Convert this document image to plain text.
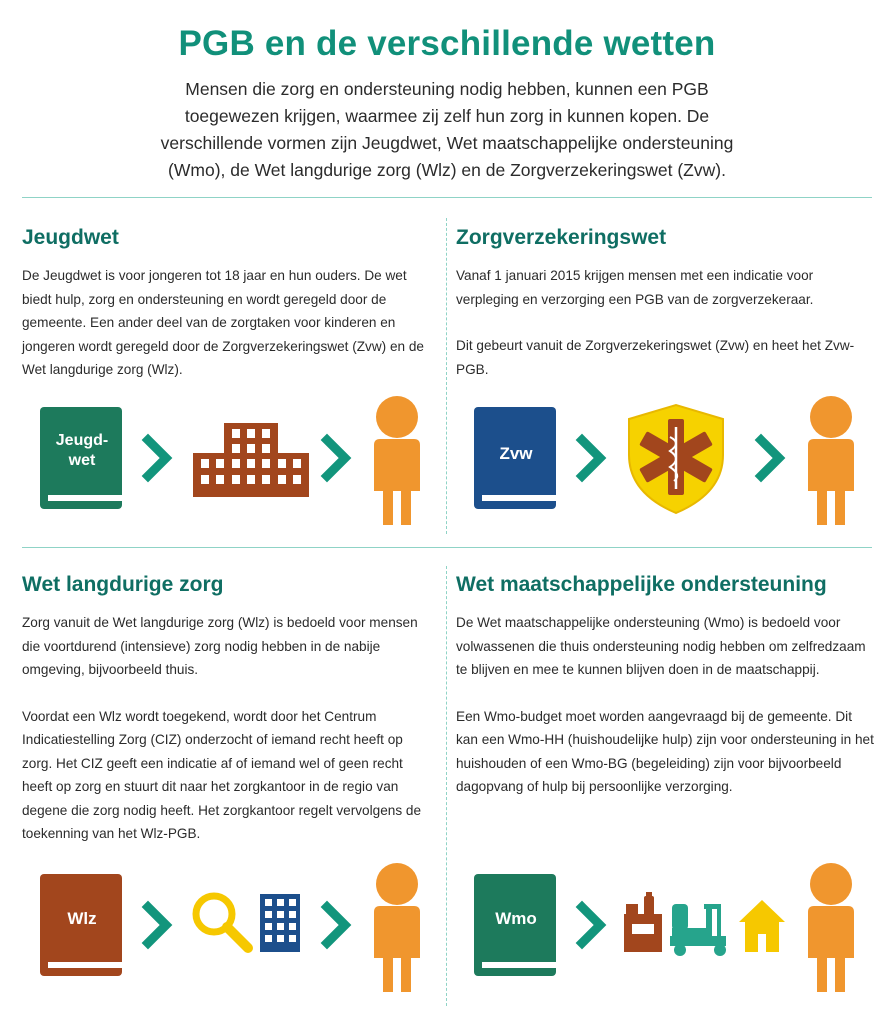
PGB en de verschillende wetten

Mensen die zorg en ondersteuning nodig hebben, kunnen een PGB toegewezen krijgen, waarmee zij zelf hun zorg in kunnen kopen. De verschillende vormen zijn Jeugdwet, Wet maatschappelijke ondersteuning (Wmo), de Wet langdurige zorg (Wlz) en de Zorgverzekeringswet (Zvw).

Jeugdwet

De Jeugdwet is voor jongeren tot 18 jaar en hun ouders. De wet biedt hulp, zorg en ondersteuning en wordt geregeld door de gemeente. Een ander deel van de zorgtaken voor kinderen en jongeren wordt geregeld door de Zorgverzekeringswet (Zvw) en de Wet langdurige zorg (Wlz).

Jeugd-
wet
Zorgverzekeringswet

Vanaf 1 januari 2015 krijgen mensen met een indicatie voor verpleging en verzorging een PGB van de zorgverzekeraar.

Dit gebeurt vanuit de Zorgverzekeringswet (Zvw) en heet het Zvw-PGB.

Zvw
Wet langdurige zorg

Zorg vanuit de Wet langdurige zorg (Wlz) is bedoeld voor mensen die voortdurend (intensieve) zorg nodig hebben in de nabije omgeving, bijvoorbeeld thuis.

Voordat een Wlz wordt toegekend, wordt door het Centrum Indicatiestelling Zorg (CIZ) onderzocht of iemand recht heeft op zorg. Het CIZ geeft een indicatie af of iemand wel of geen recht heeft op zorg en stuurt dit naar het zorgkantoor in de regio van degene die zorg nodig heeft. Het zorgkantoor regelt vervolgens de toekenning van het Wlz-PGB.

Wlz
Wet maatschappelijke ondersteuning

De Wet maatschappelijke ondersteuning (Wmo) is bedoeld voor volwassenen die thuis ondersteuning nodig hebben om zelfredzaam te blijven en mee te kunnen blijven doen in de maatschappij.

Een Wmo-budget moet worden aangevraagd bij de gemeente. Dit kan een Wmo-HH (huishoudelijke hulp) zijn voor ondersteuning in het huishouden of een Wmo-BG (begeleiding) zijn voor bijvoorbeeld dagopvang of hulp bij persoonlijke verzorging.

Wmo
